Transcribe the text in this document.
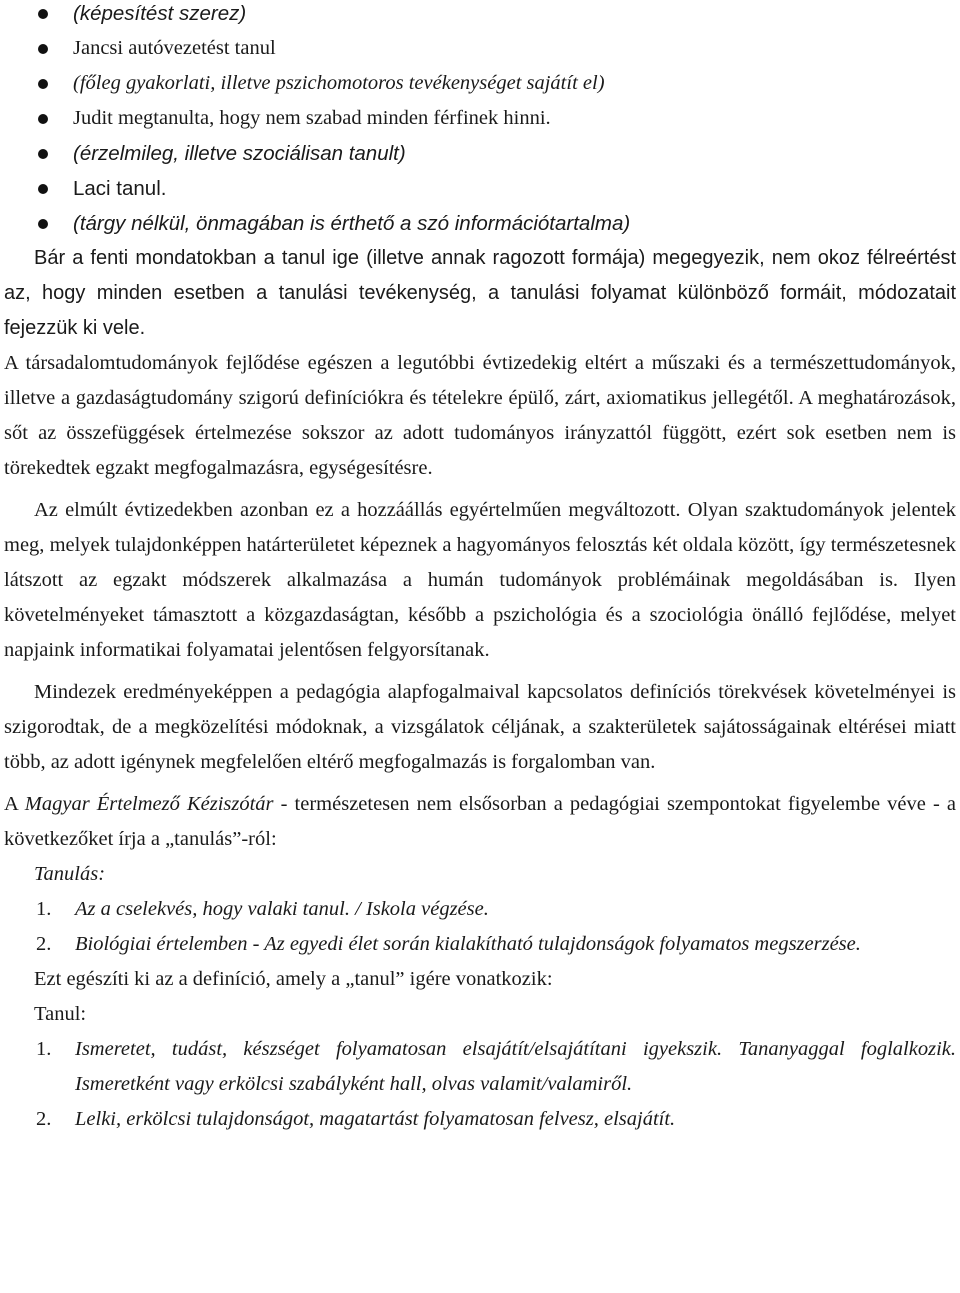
(képesítést szerez)
Jancsi autóvezetést tanul
(főleg gyakorlati, illetve pszichomotoros tevékenységet sajátít el)
Judit megtanulta, hogy nem szabad minden férfinek hinni.
(érzelmileg, illetve szociálisan tanult)
Laci tanul.
(tárgy nélkül, önmagában is érthető a szó információtartalma)

Bár a fenti mondatokban a tanul ige (illetve annak ragozott formája) megegyezik, nem okoz félreértést az, hogy minden esetben a tanulási tevékenység, a tanulási folyamat különböző formáit, módozatait fejezzük ki vele.

A társadalomtudományok fejlődése egészen a legutóbbi évtizedekig eltért a műszaki és a természettudományok, illetve a gazdaságtudomány szigorú definíciókra és tételekre épülő, zárt, axiomatikus jellegétől. A meghatározások, sőt az összefüggések értelmezése sokszor az adott tudományos irányzattól függött, ezért sok esetben nem is törekedtek egzakt megfogalmazásra, egységesítésre.

Az elmúlt évtizedekben azonban ez a hozzáállás egyértelműen megváltozott. Olyan szaktudományok jelentek meg, melyek tulajdonképpen határterületet képeznek a hagyományos felosztás két oldala között, így természetesnek látszott az egzakt módszerek alkalmazása a humán tudományok problémáinak megoldásában is. Ilyen követelményeket támasztott a közgazdaságtan, később a pszichológia és a szociológia önálló fejlődése, melyet napjaink informatikai folyamatai jelentősen felgyorsítanak.

Mindezek eredményeképpen a pedagógia alapfogalmaival kapcsolatos definíciós törekvések követelményei is szigorodtak, de a megközelítési módoknak, a vizsgálatok céljának, a szakterületek sajátosságainak eltérései miatt több, az adott igénynek megfelelően eltérő megfogalmazás is forgalomban van.

A Magyar Értelmező Kéziszótár - természetesen nem elsősorban a pedagógiai szempontokat figyelembe véve - a következőket írja a „tanulás”-ról:

Tanulás:
1. Az a cselekvés, hogy valaki tanul. / Iskola végzése.
2. Biológiai értelemben - Az egyedi élet során kialakítható tulajdonságok folyamatos megszerzése.
Ezt egészíti ki az a definíció, amely a „tanul” igére vonatkozik:
Tanul:
1. Ismeretet, tudást, készséget folyamatosan elsajátít/elsajátítani igyekszik. Tananyaggal foglalkozik. Ismeretként vagy erkölcsi szabályként hall, olvas valamit/valamiről.
2. Lelki, erkölcsi tulajdonságot, magatartást folyamatosan felvesz, elsajátít.
